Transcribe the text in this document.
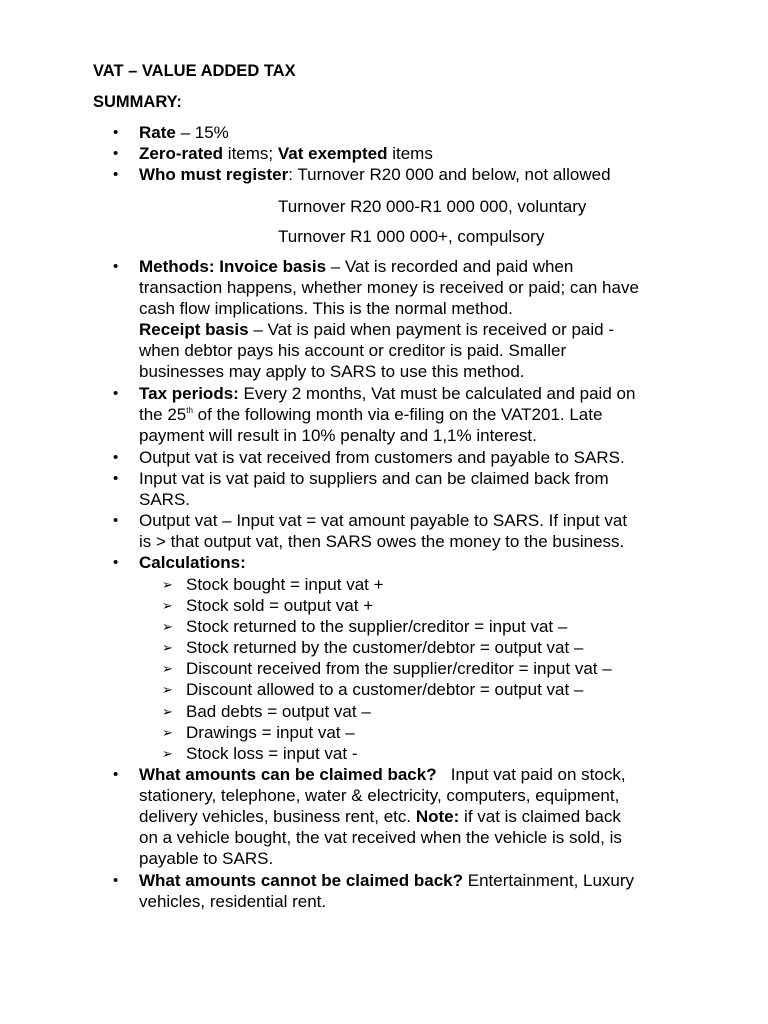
VAT – VALUE ADDED TAX
SUMMARY:
•	Rate – 15%
•	Zero-rated items; Vat exempted items
•	Who must register: Turnover R20 000 and below, not allowed
Turnover R20 000-R1 000 000, voluntary
Turnover R1 000 000+, compulsory
•	Methods: Invoice basis – Vat is recorded and paid when
transaction happens, whether money is received or paid; can have
cash flow implications. This is the normal method.
Receipt basis – Vat is paid when payment is received or paid -
when debtor pays his account or creditor is paid. Smaller
businesses may apply to SARS to use this method.
•	Tax periods: Every 2 months, Vat must be calculated and paid on
the 25th of the following month via e-filing on the VAT201. Late
payment will result in 10% penalty and 1,1% interest.
•	Output vat is vat received from customers and payable to SARS.
•	Input vat is vat paid to suppliers and can be claimed back from
SARS.
•	Output vat – Input vat = vat amount payable to SARS. If input vat
is > that output vat, then SARS owes the money to the business.
•	Calculations:
➢ Stock bought = input vat +
➢ Stock sold = output vat +
➢ Stock returned to the supplier/creditor = input vat –
➢ Stock returned by the customer/debtor = output vat –
➢ Discount received from the supplier/creditor = input vat –
➢ Discount allowed to a customer/debtor = output vat –
➢ Bad debts = output vat –
➢ Drawings = input vat –
➢ Stock loss = input vat -
•	What amounts can be claimed back?   Input vat paid on stock,
stationery, telephone, water & electricity, computers, equipment,
delivery vehicles, business rent, etc. Note: if vat is claimed back
on a vehicle bought, the vat received when the vehicle is sold, is
payable to SARS.
•	What amounts cannot be claimed back? Entertainment, Luxury
vehicles, residential rent.
